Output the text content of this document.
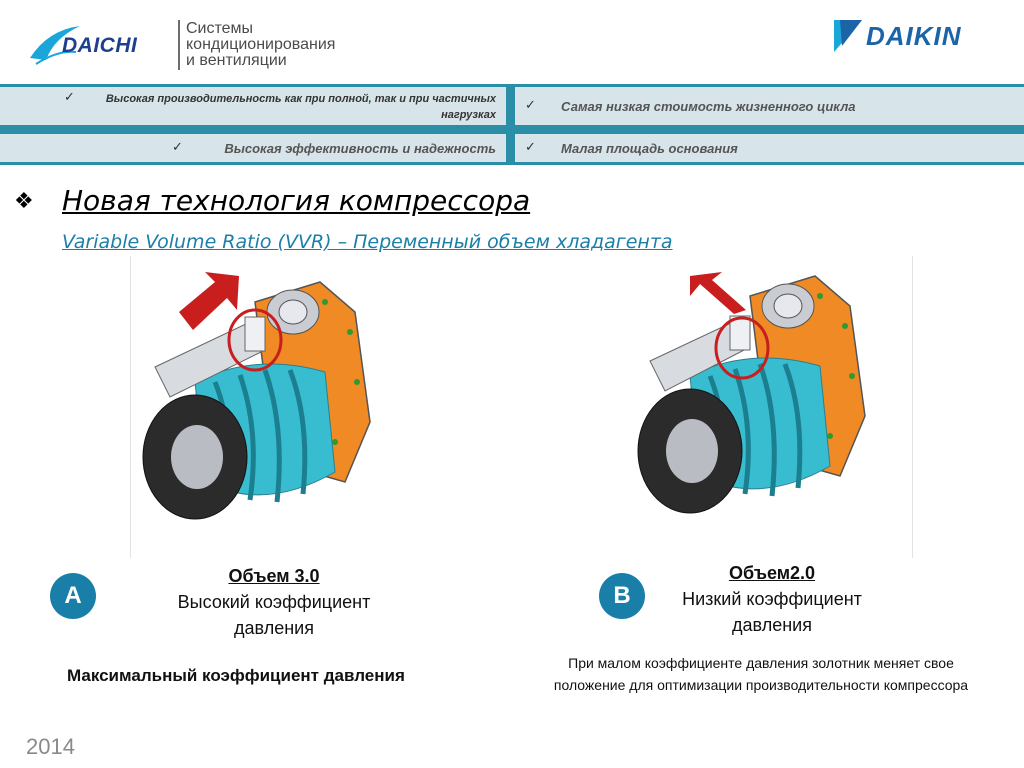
DAICHI
Системы
кондиционирования
и вентиляции
DAIKIN
✓	Высокая производительность как при полной, так и при частичных нагрузках
✓ Самая низкая стоимость жизненного цикла
✓	Высокая эффективность и надежность ✓ Малая площадь основания
❖ Новая технология компрессора
Variable Volume Ratio (VVR) – Переменный объем хладагента
A
Объем 3.0
Высокий коэффициент
давления
Максимальный коэффициент давления
B
Объем2.0
Низкий коэффициент
давления
При малом коэффициенте давления золотник меняет свое
положение для оптимизации производительности компрессора
2014
